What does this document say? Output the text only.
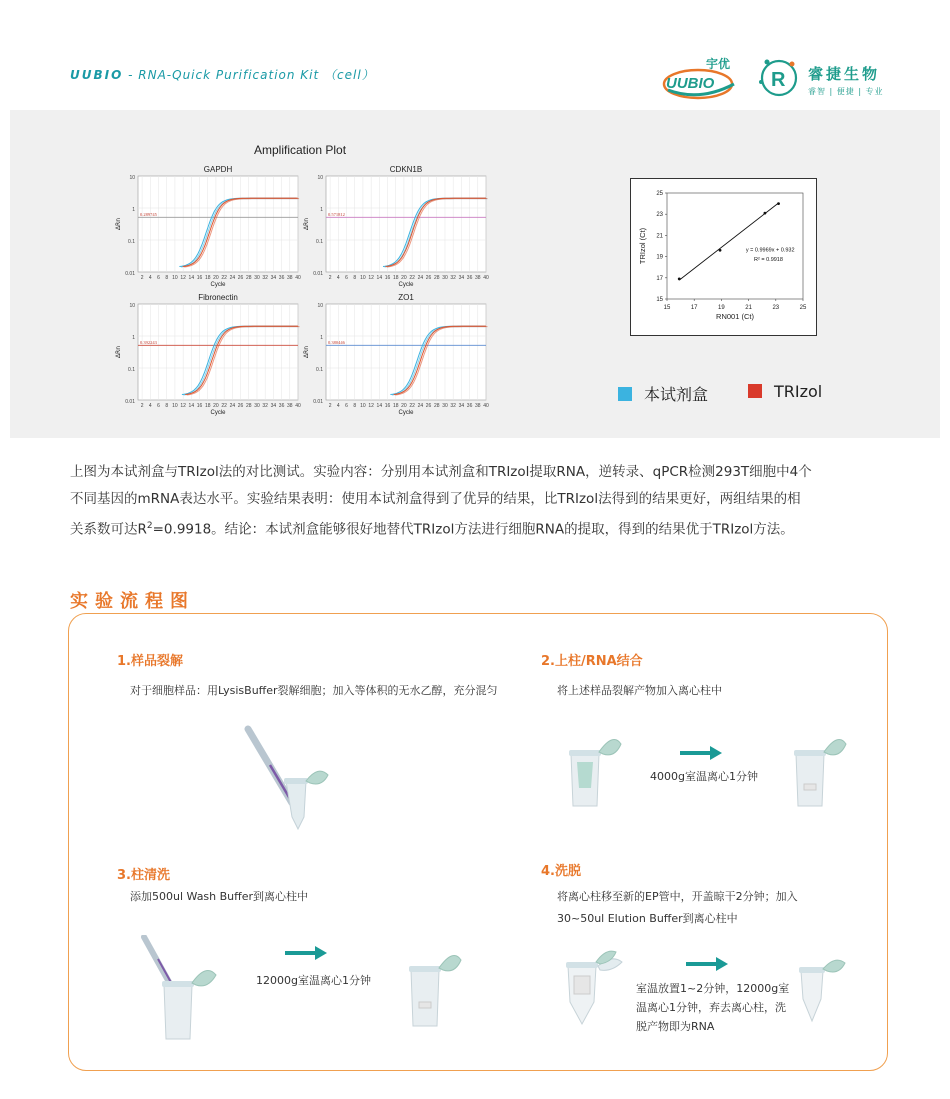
UUBIO - RNA-Quick Purification Kit （cell）	UUBIO
宇优
R 睿捷生物
睿智 | 便捷 | 专业
Amplification Plot
GAPDH
10
1
0.1
0.01
2 4 6 8 10 12 14 16 18 20 22 24 26 28 30 32 34 36 38 40
Cycle
ΔRn
0.289745
CDKN1B
10
1
0.1
0.01
2 4 6 8 10 12 14 16 18 20 22 24 26 28 30 32 34 36 38 40
Cycle
ΔRn
0.571812
Fibronectin
10
1
0.1
0.01
2 4 6 8 10 12 14 16 18 20 22 24 26 28 30 32 34 36 38 40
Cycle
ΔRn
0.392243
ZO1
10
1
0.1
0.01
2 4 6 8 10 12 14 16 18 20 22 24 26 28 30 32 34 36 38 40
Cycle
ΔRn
0.380446
15	17	19	21	23	25
15
17
19
21
23
25
RN001 (Ct)
TRIzol (Ct)	y = 0.9969x + 0.932
R² = 0.9918
本试剂盒	TRIzol
上图为本试剂盒与TRIzol法的对比测试。实验内容：分别用本试剂盒和TRIzol提取RNA，逆转录、qPCR检测293T细胞中4个
不同基因的mRNA表达水平。实验结果表明：使用本试剂盒得到了优异的结果，比TRIzol法得到的结果更好，两组结果的相
关系数可达$R^2=0.9918$。结论：本试剂盒能够很好地替代TRIzol方法进行细胞RNA的提取，得到的结果优于TRIzol方法。
实验流程图
1.样品裂解
对于细胞样品：用LysisBuffer裂解细胞；加入等体积的无水乙醇，充分混匀
2.上柱/RNA结合
将上述样品裂解产物加入离心柱中
4000g室温离心1分钟
3.柱清洗
添加500ul Wash Buffer到离心柱中
12000g室温离心1分钟
4.洗脱
将离心柱移至新的EP管中，开盖晾干2分钟；加入
30~50ul Elution Buffer到离心柱中
室温放置1~2分钟，12000g室
温离心1分钟，弃去离心柱，洗
脱产物即为RNA
